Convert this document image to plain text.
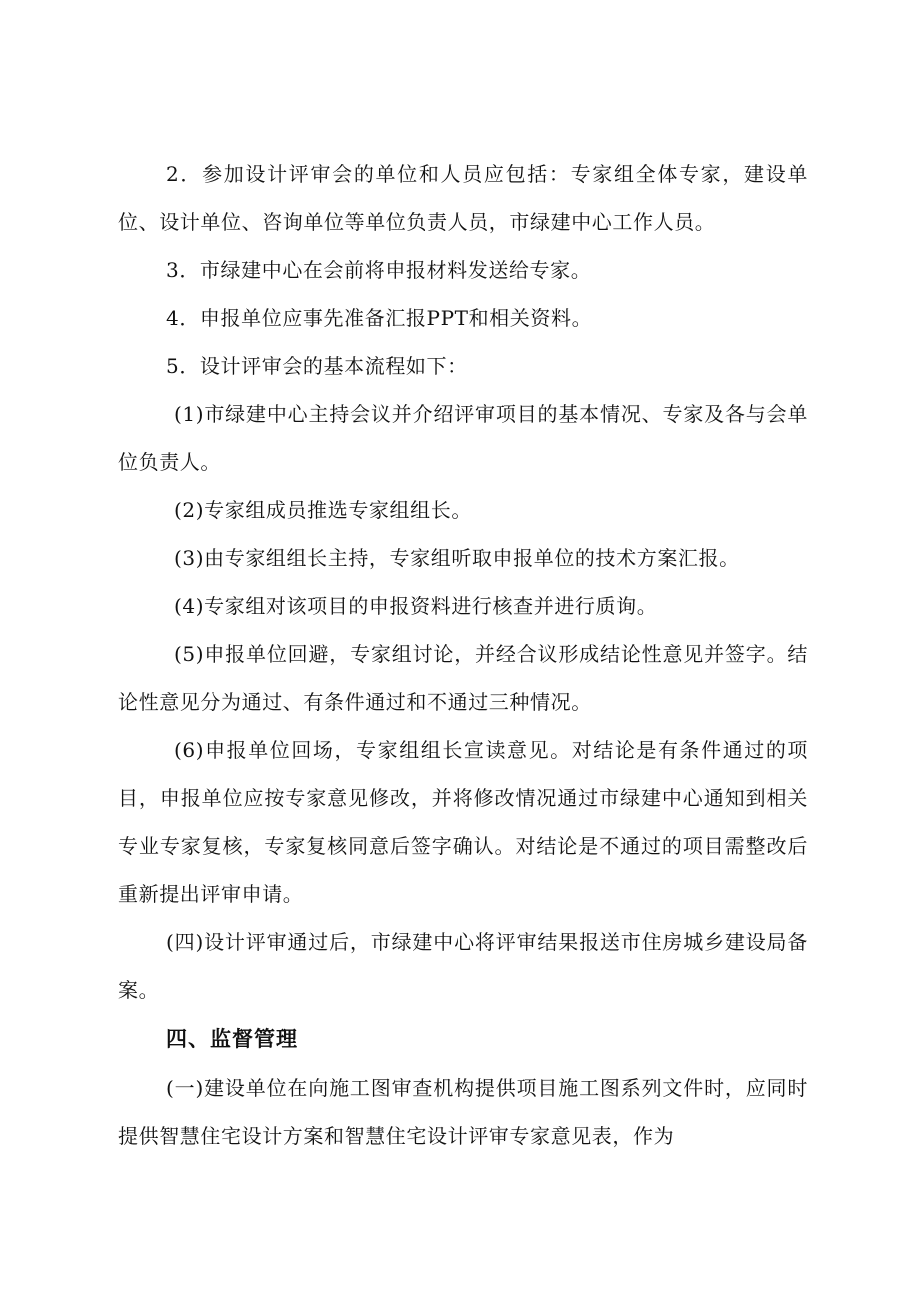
2．参加设计评审会的单位和人员应包括：专家组全体专家，建设单位、设计单位、咨询单位等单位负责人员，市绿建中心工作人员。

3．市绿建中心在会前将申报材料发送给专家。

4．申报单位应事先准备汇报PPT和相关资料。

5．设计评审会的基本流程如下：

(1)市绿建中心主持会议并介绍评审项目的基本情况、专家及各与会单位负责人。

(2)专家组成员推选专家组组长。

(3)由专家组组长主持，专家组听取申报单位的技术方案汇报。

(4)专家组对该项目的申报资料进行核查并进行质询。

(5)申报单位回避，专家组讨论，并经合议形成结论性意见并签字。结论性意见分为通过、有条件通过和不通过三种情况。

(6)申报单位回场，专家组组长宣读意见。对结论是有条件通过的项目，申报单位应按专家意见修改，并将修改情况通过市绿建中心通知到相关专业专家复核，专家复核同意后签字确认。对结论是不通过的项目需整改后重新提出评审申请。

(四)设计评审通过后，市绿建中心将评审结果报送市住房城乡建设局备案。

四、监督管理

(一)建设单位在向施工图审查机构提供项目施工图系列文件时，应同时提供智慧住宅设计方案和智慧住宅设计评审专家意见表，作为
